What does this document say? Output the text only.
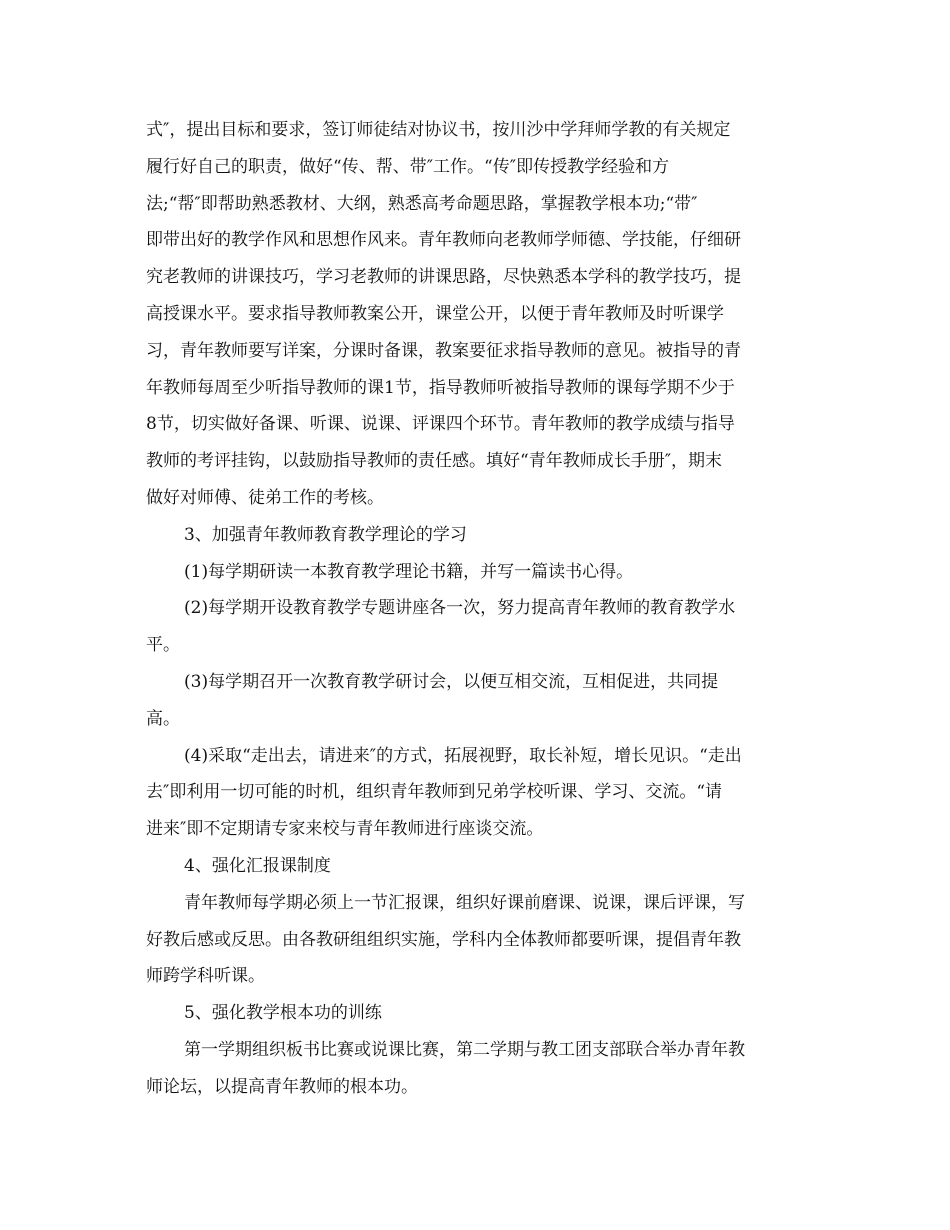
式″，提出目标和要求，签订师徒结对协议书，按川沙中学拜师学教的有关规定
履行好自己的职责，做好“传、帮、带″工作。“传″即传授教学经验和方
法;“帮″即帮助熟悉教材、大纲，熟悉高考命题思路，掌握教学根本功;“带″
即带出好的教学作风和思想作风来。青年教师向老教师学师德、学技能，仔细研
究老教师的讲课技巧，学习老教师的讲课思路，尽快熟悉本学科的教学技巧，提
高授课水平。要求指导教师教案公开，课堂公开，以便于青年教师及时听课学
习，青年教师要写详案，分课时备课，教案要征求指导教师的意见。被指导的青
年教师每周至少听指导教师的课1节，指导教师听被指导教师的课每学期不少于
8节，切实做好备课、听课、说课、评课四个环节。青年教师的教学成绩与指导
教师的考评挂钩，以鼓励指导教师的责任感。填好“青年教师成长手册″，期末
做好对师傅、徒弟工作的考核。
3、加强青年教师教育教学理论的学习
(1)每学期研读一本教育教学理论书籍，并写一篇读书心得。
(2)每学期开设教育教学专题讲座各一次，努力提高青年教师的教育教学水
平。
(3)每学期召开一次教育教学研讨会，以便互相交流，互相促进，共同提
高。
(4)采取“走出去，请进来″的方式，拓展视野，取长补短，增长见识。“走出
去″即利用一切可能的时机，组织青年教师到兄弟学校听课、学习、交流。“请
进来″即不定期请专家来校与青年教师进行座谈交流。
4、强化汇报课制度
青年教师每学期必须上一节汇报课，组织好课前磨课、说课，课后评课，写
好教后感或反思。由各教研组组织实施，学科内全体教师都要听课，提倡青年教
师跨学科听课。
5、强化教学根本功的训练
第一学期组织板书比赛或说课比赛，第二学期与教工团支部联合举办青年教
师论坛，以提高青年教师的根本功。
